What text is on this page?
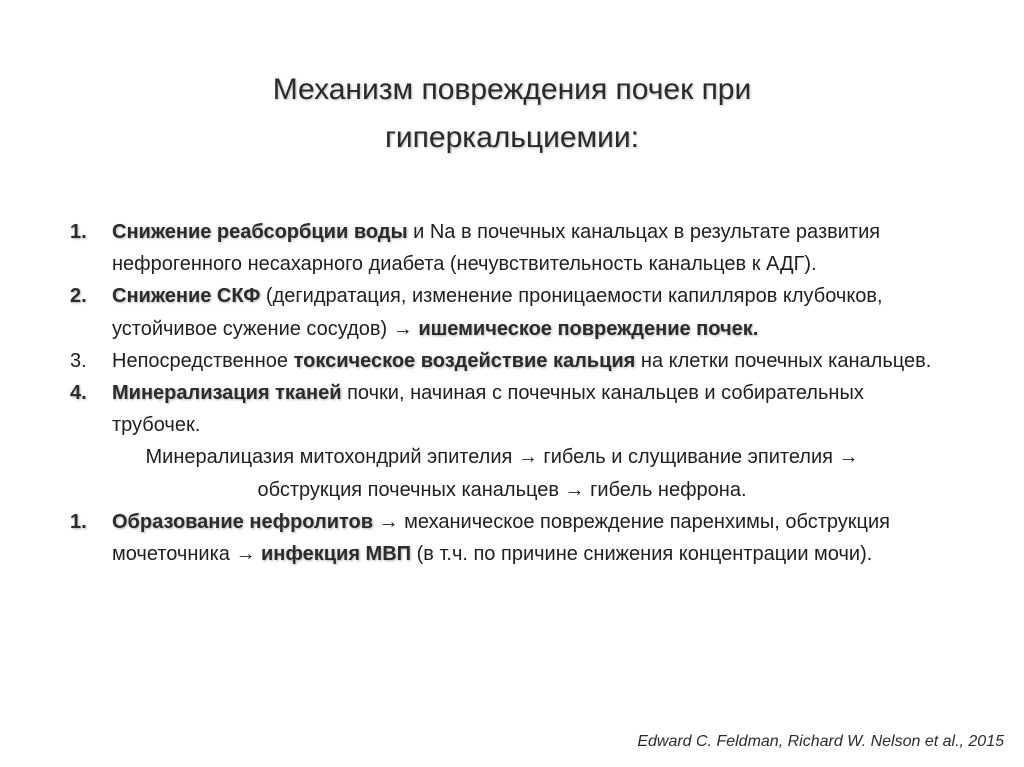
Механизм повреждения почек при
гиперкальциемии:
1. Снижение реабсорбции воды и Na в почечных канальцах в результате развития нефрогенного несахарного диабета (нечувствительность канальцев к АДГ).
2. Снижение СКФ (дегидратация, изменение проницаемости капилляров клубочков, устойчивое сужение сосудов) → ишемическое повреждение почек.
3. Непосредственное токсическое воздействие кальция на клетки почечных канальцев.
4. Минерализация тканей почки, начиная с почечных канальцев и собирательных трубочек.
Минералицазия митохондрий эпителия → гибель и слущивание эпителия →
обструкция почечных канальцев → гибель нефрона.
1. Образование нефролитов → механическое повреждение паренхимы, обструкция мочеточника → инфекция МВП (в т.ч. по причине снижения концентрации мочи).
Edward C. Feldman, Richard W. Nelson et al., 2015
